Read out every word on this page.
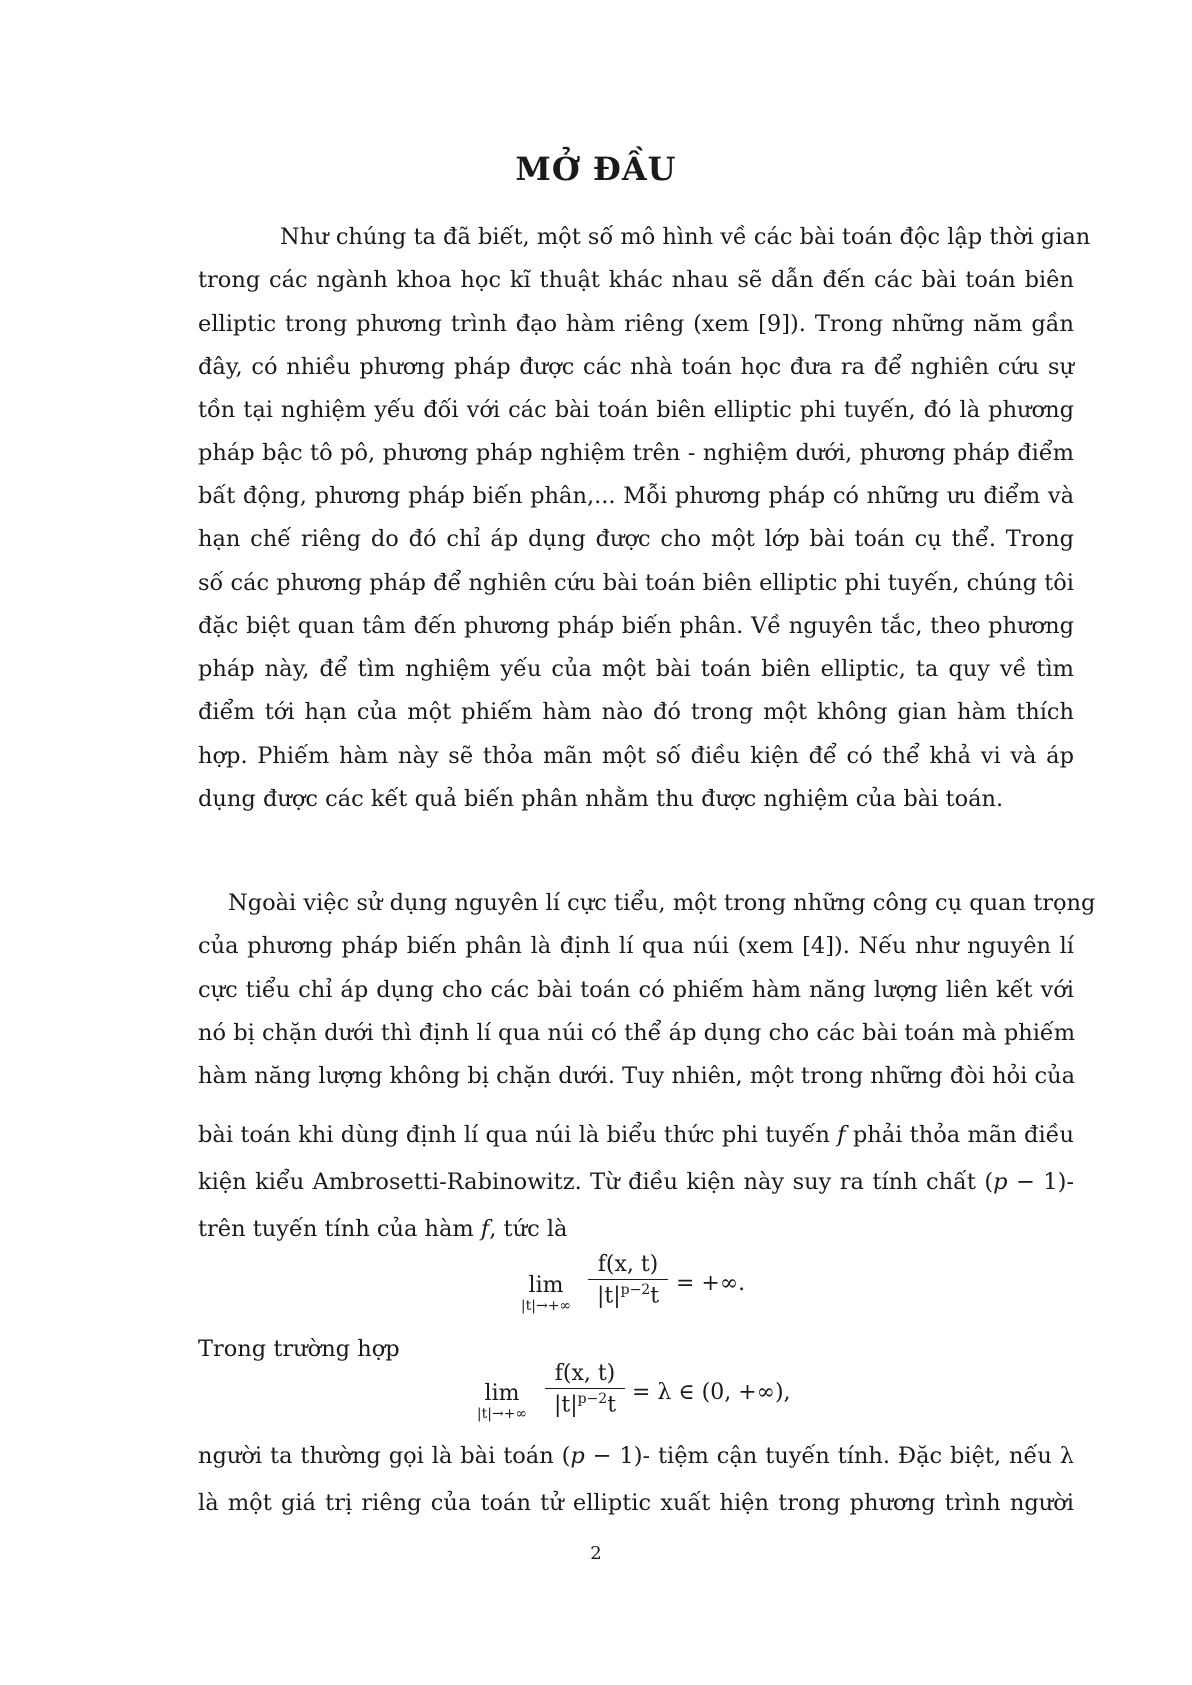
MỞ ĐẦU
Như chúng ta đã biết, một số mô hình về các bài toán độc lập thời gian
trong các ngành khoa học kĩ thuật khác nhau sẽ dẫn đến các bài toán biên
elliptic trong phương trình đạo hàm riêng (xem [9]). Trong những năm gần
đây, có nhiều phương pháp được các nhà toán học đưa ra để nghiên cứu sự
tồn tại nghiệm yếu đối với các bài toán biên elliptic phi tuyến, đó là phương
pháp bậc tô pô, phương pháp nghiệm trên - nghiệm dưới, phương pháp điểm
bất động, phương pháp biến phân,... Mỗi phương pháp có những ưu điểm và
hạn chế riêng do đó chỉ áp dụng được cho một lớp bài toán cụ thể. Trong
số các phương pháp để nghiên cứu bài toán biên elliptic phi tuyến, chúng tôi
đặc biệt quan tâm đến phương pháp biến phân. Về nguyên tắc, theo phương
pháp này, để tìm nghiệm yếu của một bài toán biên elliptic, ta quy về tìm
điểm tới hạn của một phiếm hàm nào đó trong một không gian hàm thích
hợp. Phiếm hàm này sẽ thỏa mãn một số điều kiện để có thể khả vi và áp
dụng được các kết quả biến phân nhằm thu được nghiệm của bài toán.
Ngoài việc sử dụng nguyên lí cực tiểu, một trong những công cụ quan trọng
của phương pháp biến phân là định lí qua núi (xem [4]). Nếu như nguyên lí
cực tiểu chỉ áp dụng cho các bài toán có phiếm hàm năng lượng liên kết với
nó bị chặn dưới thì định lí qua núi có thể áp dụng cho các bài toán mà phiếm
hàm năng lượng không bị chặn dưới. Tuy nhiên, một trong những đòi hỏi của
bài toán khi dùng định lí qua núi là biểu thức phi tuyến f phải thỏa mãn điều
kiện kiểu Ambrosetti-Rabinowitz. Từ điều kiện này suy ra tính chất (p − 1)-
trên tuyến tính của hàm f, tức là
lim
|t|→+∞
f(x, t)
$|t|^{p-2}t$ = +∞.
Trong trường hợp
lim
|t|→+∞
f(x, t)
$|t|^{p-2}t = \lambda$ ∈ (0, +∞),
người ta thường gọi là bài toán (p − 1)- tiệm cận tuyến tính. Đặc biệt, nếu λ
là một giá trị riêng của toán tử elliptic xuất hiện trong phương trình người
2
